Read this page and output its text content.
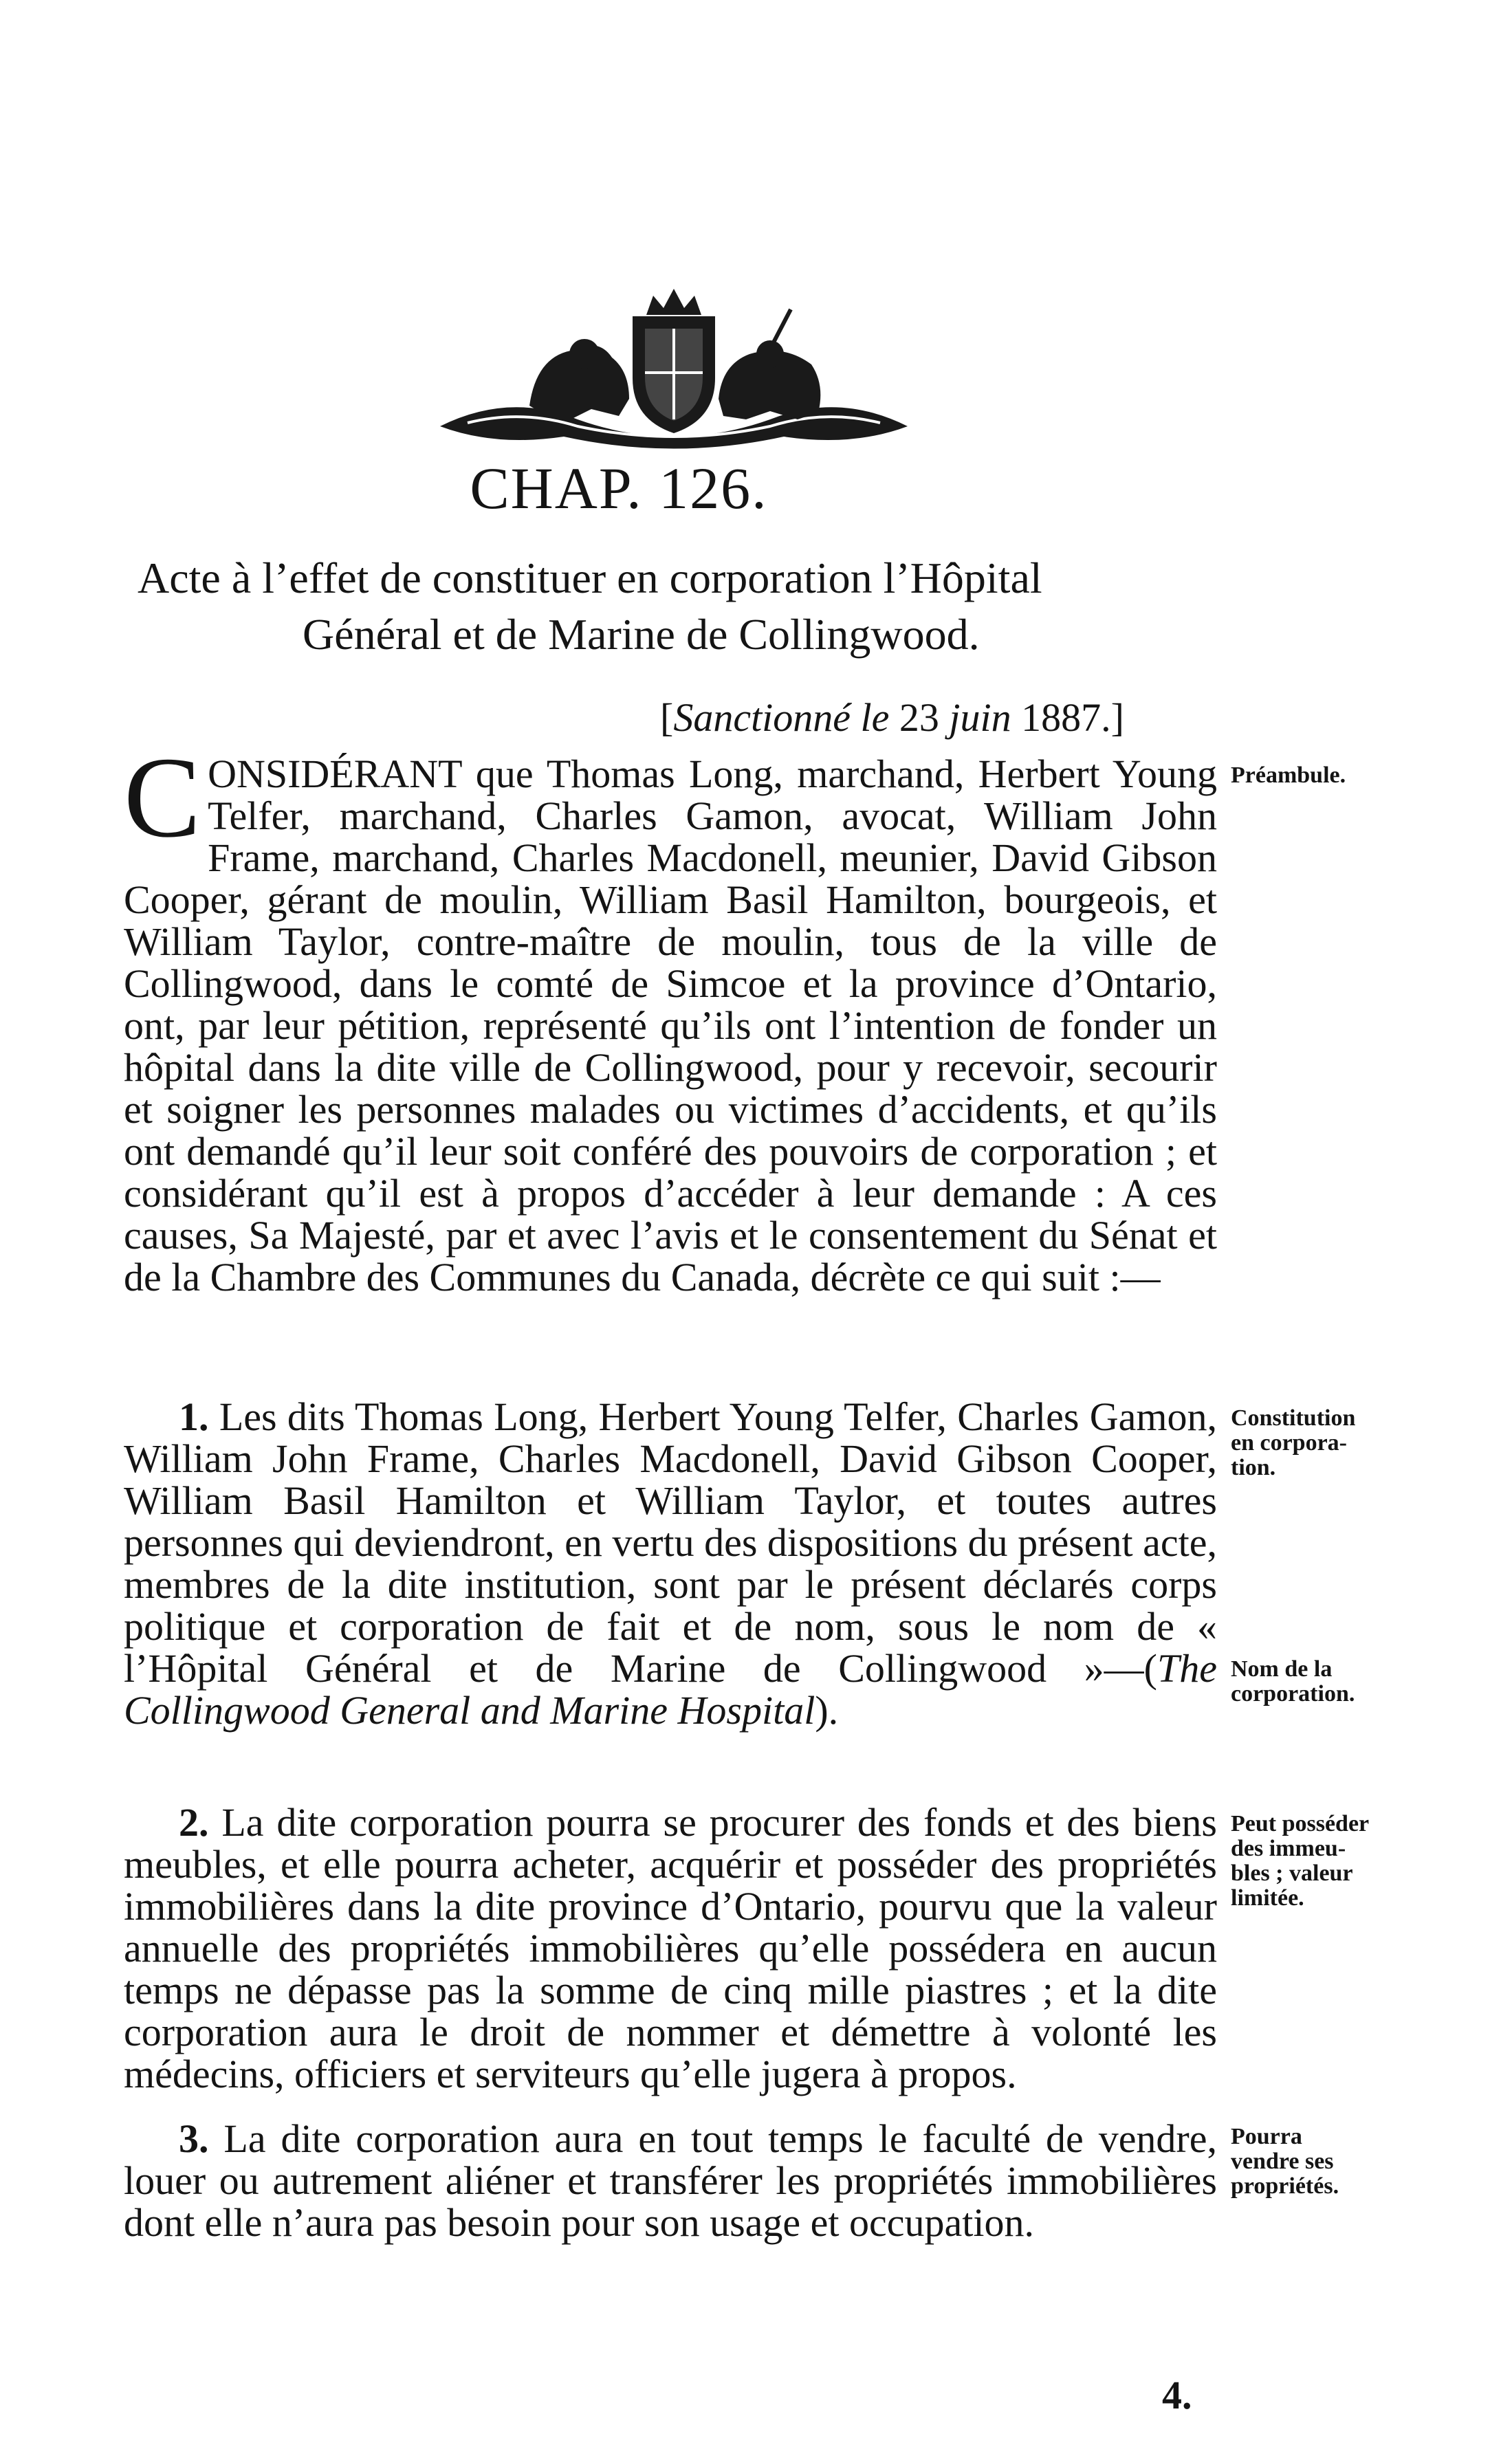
CHAP. 126.
Acte à l’effet de constituer en corporation l’Hôpital
Général et de Marine de Collingwood.
[Sanctionné le 23 juin 1887.]

CONSIDÉRANT que Thomas Long, marchand, Herbert Young Telfer, marchand, Charles Gamon, avocat, William John Frame, marchand, Charles Macdonell, meunier, David Gibson Cooper, gérant de moulin, William Basil Hamilton, bourgeois, et William Taylor, contre-maître de moulin, tous de la ville de Collingwood, dans le comté de Simcoe et la province d’Ontario, ont, par leur pétition, représenté qu’ils ont l’intention de fonder un hôpital dans la dite ville de Collingwood, pour y recevoir, secourir et soigner les personnes malades ou victimes d’accidents, et qu’ils ont demandé qu’il leur soit conféré des pouvoirs de corporation ; et considérant qu’il est à propos d’accéder à leur demande : A ces causes, Sa Majesté, par et avec l’avis et le consentement du Sénat et de la Chambre des Communes du Canada, décrète ce qui suit :—

1. Les dits Thomas Long, Herbert Young Telfer, Charles Gamon, William John Frame, Charles Macdonell, David Gibson Cooper, William Basil Hamilton et William Taylor, et toutes autres personnes qui deviendront, en vertu des dispositions du présent acte, membres de la dite institution, sont par le présent déclarés corps politique et corporation de fait et de nom, sous le nom de « l’Hôpital Général et de Marine de Collingwood »—(The Collingwood General and Marine Hospital).

2. La dite corporation pourra se procurer des fonds et des biens meubles, et elle pourra acheter, acquérir et posséder des propriétés immobilières dans la dite province d’Ontario, pourvu que la valeur annuelle des propriétés immobilières qu’elle possédera en aucun temps ne dépasse pas la somme de cinq mille piastres ; et la dite corporation aura le droit de nommer et démettre à volonté les médecins, officiers et serviteurs qu’elle jugera à propos.

3. La dite corporation aura en tout temps le faculté de vendre, louer ou autrement aliéner et transférer les propriétés immobilières dont elle n’aura pas besoin pour son usage et occupation.

Préambule.
Constitution
en corpora-
tion.
Nom de la
corporation.
Peut posséder
des immeu-
bles ; valeur
limitée.
Pourra
vendre ses
propriétés.
4.
